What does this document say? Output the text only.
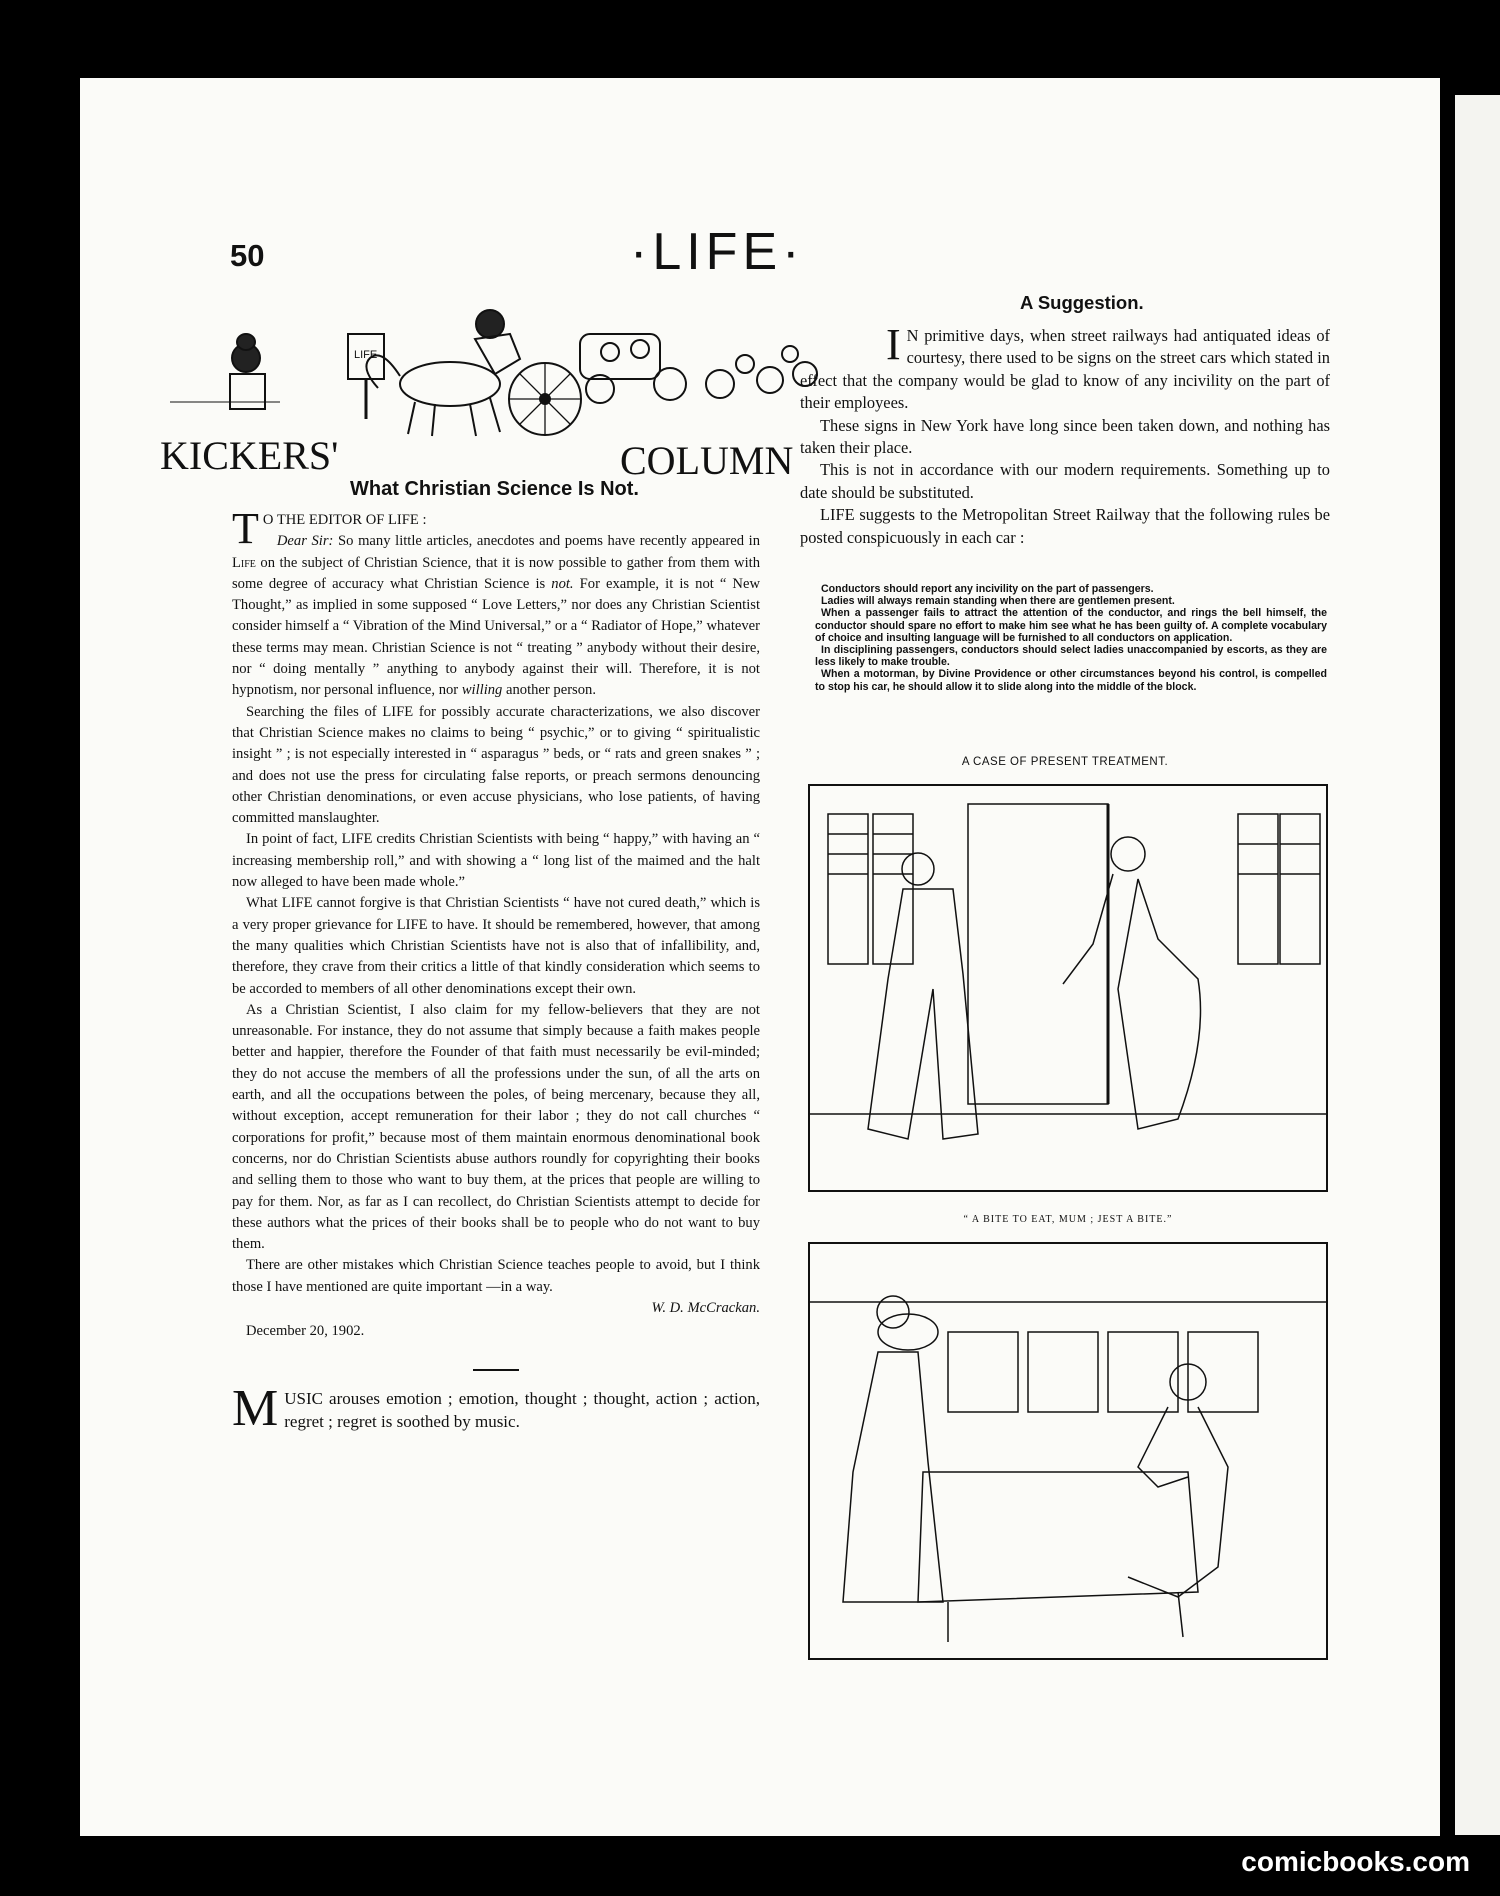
50	·LIFE·
KICKERS'	COLUMN
LIFE
What Christian Science Is Not.

T O THE EDITOR OF LIFE :

Dear Sir: So many little articles, anecdotes and poems have recently appeared in Life on the subject of Christian Science, that it is now possible to gather from them with some degree of accuracy what Christian Science is not. For example, it is not “ New Thought,” as implied in some supposed “ Love Letters,” nor does any Christian Scientist consider himself a “ Vibration of the Mind Universal,” or a “ Radiator of Hope,” whatever these terms may mean. Christian Science is not “ treating ” anybody without their desire, nor “ doing mentally ” anything to anybody against their will. Therefore, it is not hypnotism, nor personal influence, nor willing another person.

Searching the files of LIFE for possibly accurate characterizations, we also discover that Christian Science makes no claims to being “ psychic,” or to giving “ spiritualistic insight ” ; is not especially interested in “ asparagus ” beds, or “ rats and green snakes ” ; and does not use the press for circulating false reports, or preach sermons denouncing other Christian denominations, or even accuse physicians, who lose patients, of having committed manslaughter.

In point of fact, LIFE credits Christian Scientists with being “ happy,” with having an “ increasing membership roll,” and with showing a “ long list of the maimed and the halt now alleged to have been made whole.”

What LIFE cannot forgive is that Christian Scientists “ have not cured death,” which is a very proper grievance for LIFE to have. It should be remembered, however, that among the many qualities which Christian Scientists have not is also that of infallibility, and, therefore, they crave from their critics a little of that kindly consideration which seems to be accorded to members of all other denominations except their own.

As a Christian Scientist, I also claim for my fellow-believers that they are not unreasonable. For instance, they do not assume that simply because a faith makes people better and happier, therefore the Founder of that faith must necessarily be evil-minded; they do not accuse the members of all the professions under the sun, of all the arts on earth, and all the occupations between the poles, of being mercenary, because they all, without exception, accept remuneration for their labor ; they do not call churches “ corporations for profit,” because most of them maintain enormous denominational book concerns, nor do Christian Scientists abuse authors roundly for copyrighting their books and selling them to those who want to buy them, at the prices that people are willing to pay for them. Nor, as far as I can recollect, do Christian Scientists attempt to decide for these authors what the prices of their books shall be to people who do not want to buy them.

There are other mistakes which Christian Science teaches people to avoid, but I think those I have mentioned are quite important —in a way.

W. D. McCrackan.
December 20, 1902.
MUSIC arouses emotion ; emotion, thought ; thought, action ; action, regret ; regret is soothed by music.
A Suggestion.

I N primitive days, when street railways had antiquated ideas of courtesy, there used to be signs on the street cars which stated in effect that the company would be glad to know of any incivility on the part of their employees.

These signs in New York have long since been taken down, and nothing has taken their place.

This is not in accordance with our modern requirements. Something up to date should be substituted.

LIFE suggests to the Metropolitan Street Railway that the following rules be posted conspicuously in each car :

Conductors should report any incivility on the part of passengers.

Ladies will always remain standing when there are gentlemen present.

When a passenger fails to attract the attention of the conductor, and rings the bell himself, the conductor should spare no effort to make him see what he has been guilty of. A complete vocabulary of choice and insulting language will be furnished to all conductors on application.

In disciplining passengers, conductors should select ladies unaccompanied by escorts, as they are less likely to make trouble.

When a motorman, by Divine Providence or other circumstances beyond his control, is compelled to stop his car, he should allow it to slide along into the middle of the block.

A CASE OF PRESENT TREATMENT.
“ A BITE TO EAT, MUM ; JEST A BITE.”
comicbooks.com
